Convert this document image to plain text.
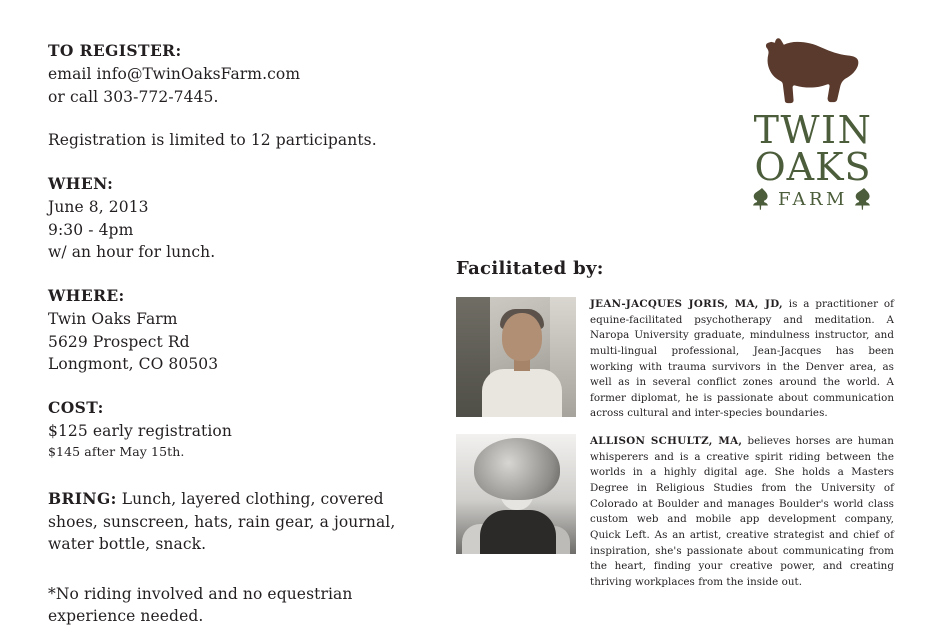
TO REGISTER:

email info@TwinOaksFarm.com

or call 303-772-7445.

Registration is limited to 12 participants.

WHEN:

June 8, 2013

9:30 - 4pm

w/ an hour for lunch.

WHERE:

Twin Oaks Farm

5629 Prospect Rd

Longmont, CO 80503

COST:

$125 early registration

$145 after May 15th.

BRING: Lunch, layered clothing, covered shoes, sunscreen, hats, rain gear, a journal, water bottle, snack.

*No riding involved and no equestrian experience needed.

TWIN
OAKS
FARM
Facilitated by:
JEAN-JACQUES JORIS, MA, JD, is a practitioner of equine-facilitated psychotherapy and meditation. A Naropa University graduate, mindulness instructor, and multi-lingual professional, Jean-Jacques has been working with trauma survivors in the Denver area, as well as in several conflict zones around the world. A former diplomat, he is passionate about communication across cultural and inter-species boundaries.
ALLISON SCHULTZ, MA, believes horses are human whisperers and is a creative spirit riding between the worlds in a highly digital age. She holds a Masters Degree in Religious Studies from the University of Colorado at Boulder and manages Boulder's world class custom web and mobile app development company, Quick Left. As an artist, creative strategist and chief of inspiration, she's passionate about communicating from the heart, finding your creative power, and creating thriving workplaces from the inside out.
